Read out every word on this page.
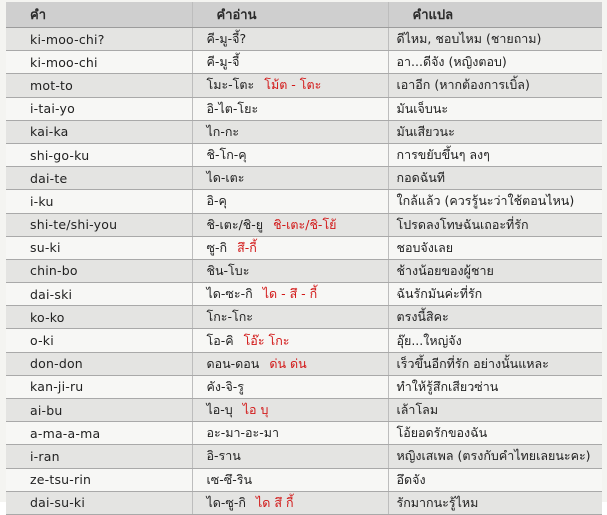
คำ	คำอ่าน	คำแปล
ki-moo-chi?	คี-มู-จี้?	ดีไหม, ชอบไหม (ชายถาม)
ki-moo-chi	คี-มู-จี้	อา...ดีจัง (หญิงตอบ)
mot-to	โมะ-โตะ โม้ต - โตะ	เอาอีก (หากต้องการเบิ้ล)
i-tai-yo	อิ-ไต-โยะ	มันเจ็บนะ
kai-ka	ไก-กะ	มันเสียวนะ
shi-go-ku	ชิ-โก-คุ	การขยับขึ้นๆ ลงๆ
dai-te	ได-เตะ	กอดฉันที
i-ku	อิ-คุ	ใกล้แล้ว (ควรรู้นะว่าใช้ตอนไหน)
shi-te/shi-you	ชิ-เตะ/ชิ-ยู ชิ-เตะ/ชิ-โย้	โปรดลงโทษฉันเถอะที่รัก
su-ki	ซู-กิ สึ-กี้	ชอบจังเลย
chin-bo	ชิน-โบะ	ช้างน้อยของผู้ชาย
dai-ski	ได-ซะ-กิ ได - สึ - กี้	ฉันรักมันค่ะที่รัก
ko-ko	โกะ-โกะ	ตรงนี้สิคะ
o-ki	โอ-คิ โอ๊ะ โกะ	อุ๊ย...ใหญ่จัง
don-don	ดอน-ดอน ด่น ด่น	เร็วขึ้นอีกที่รัก อย่างนั้นแหละ
kan-ji-ru	คัง-จิ-รู	ทำให้รู้สึกเสียวซ่าน
ai-bu	ไอ-บุ ไอ บุ	เล้าโลม
a-ma-a-ma	อะ-มา-อะ-มา	โอ้ยอดรักของฉัน
i-ran	อิ-ราน	หญิงเสเพล (ตรงกับคำไทยเลยนะคะ)
ze-tsu-rin	เซ-ซึ-ริน	อึดจัง
dai-su-ki	ได-ซู-กิ ได สึ กี้	รักมากนะรู้ไหม
